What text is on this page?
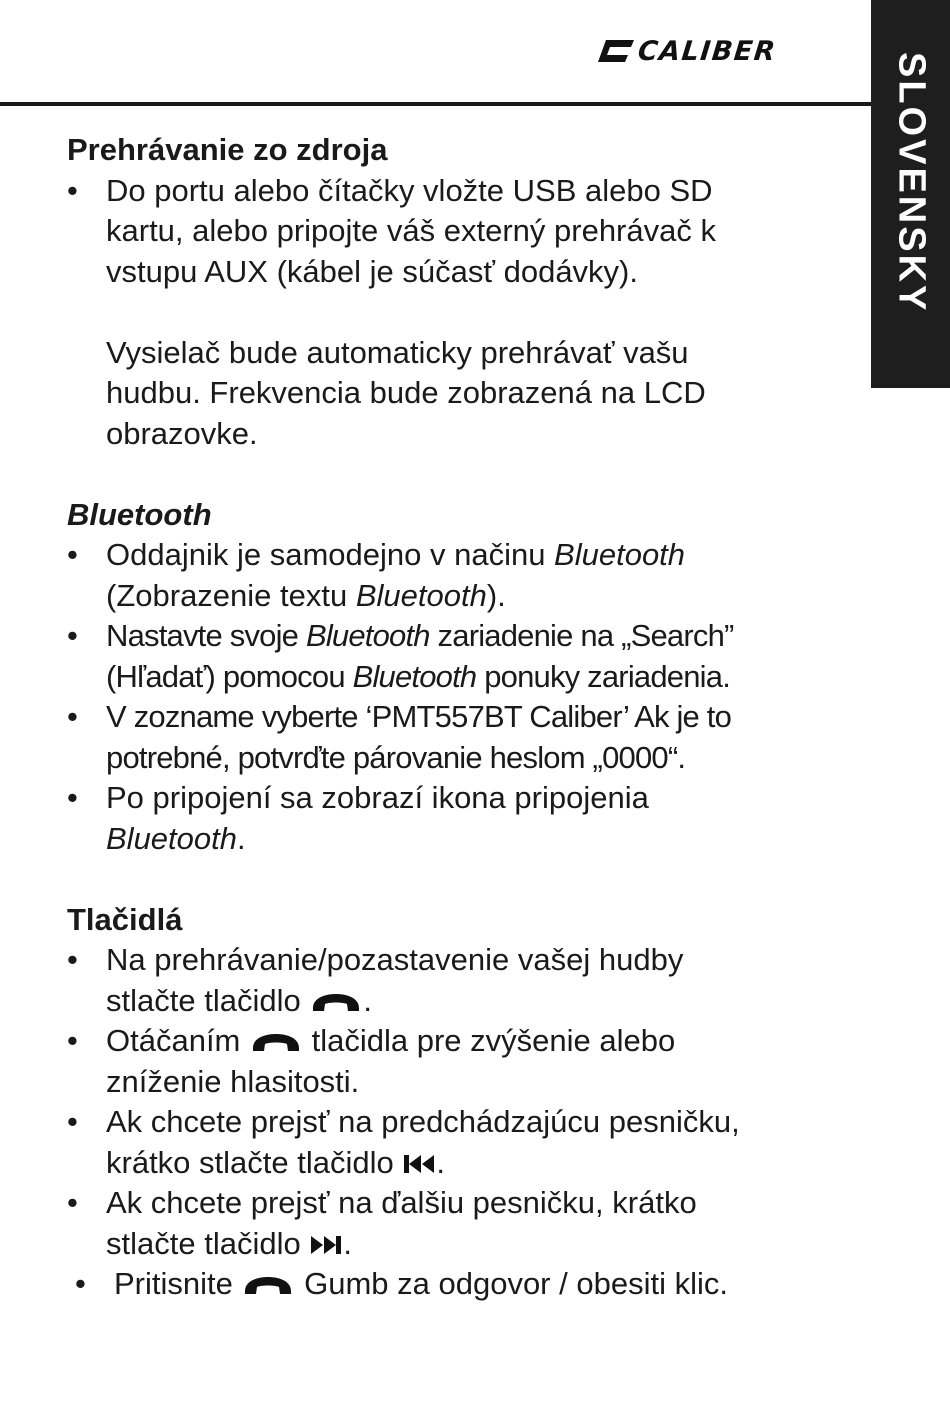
CALIBER
SLOVENSKY

Prehrávanie zo zdroja

• Do portu alebo čítačky vložte USB alebo SD
kartu, alebo pripojte váš externý prehrávač k
vstupu AUX (kábel je súčasť dodávky).

Vysielač bude automaticky prehrávať vašu
hudbu. Frekvencia bude zobrazená na LCD
obrazovke.

Bluetooth

• Oddajnik je samodejno v načinu Bluetooth
(Zobrazenie textu Bluetooth).

• Nastavte svoje Bluetooth zariadenie na „Search”
(Hľadať) pomocou Bluetooth ponuky zariadenia.

• V zozname vyberte ‘PMT557BT Caliber’ Ak je to
potrebné, potvrďte párovanie heslom „0000“.

• Po pripojení sa zobrazí ikona pripojenia
Bluetooth.

Tlačidlá

• Na prehrávanie/pozastavenie vašej hudby
stlačte tlačidlo .

• Otáčaním  tlačidla pre zvýšenie alebo
zníženie hlasitosti.

• Ak chcete prejsť na predchádzajúcu pesničku,
krátko stlačte tlačidlo .

• Ak chcete prejsť na ďalšiu pesničku, krátko
stlačte tlačidlo .

• Pritisnite  Gumb za odgovor / obesiti klic.
